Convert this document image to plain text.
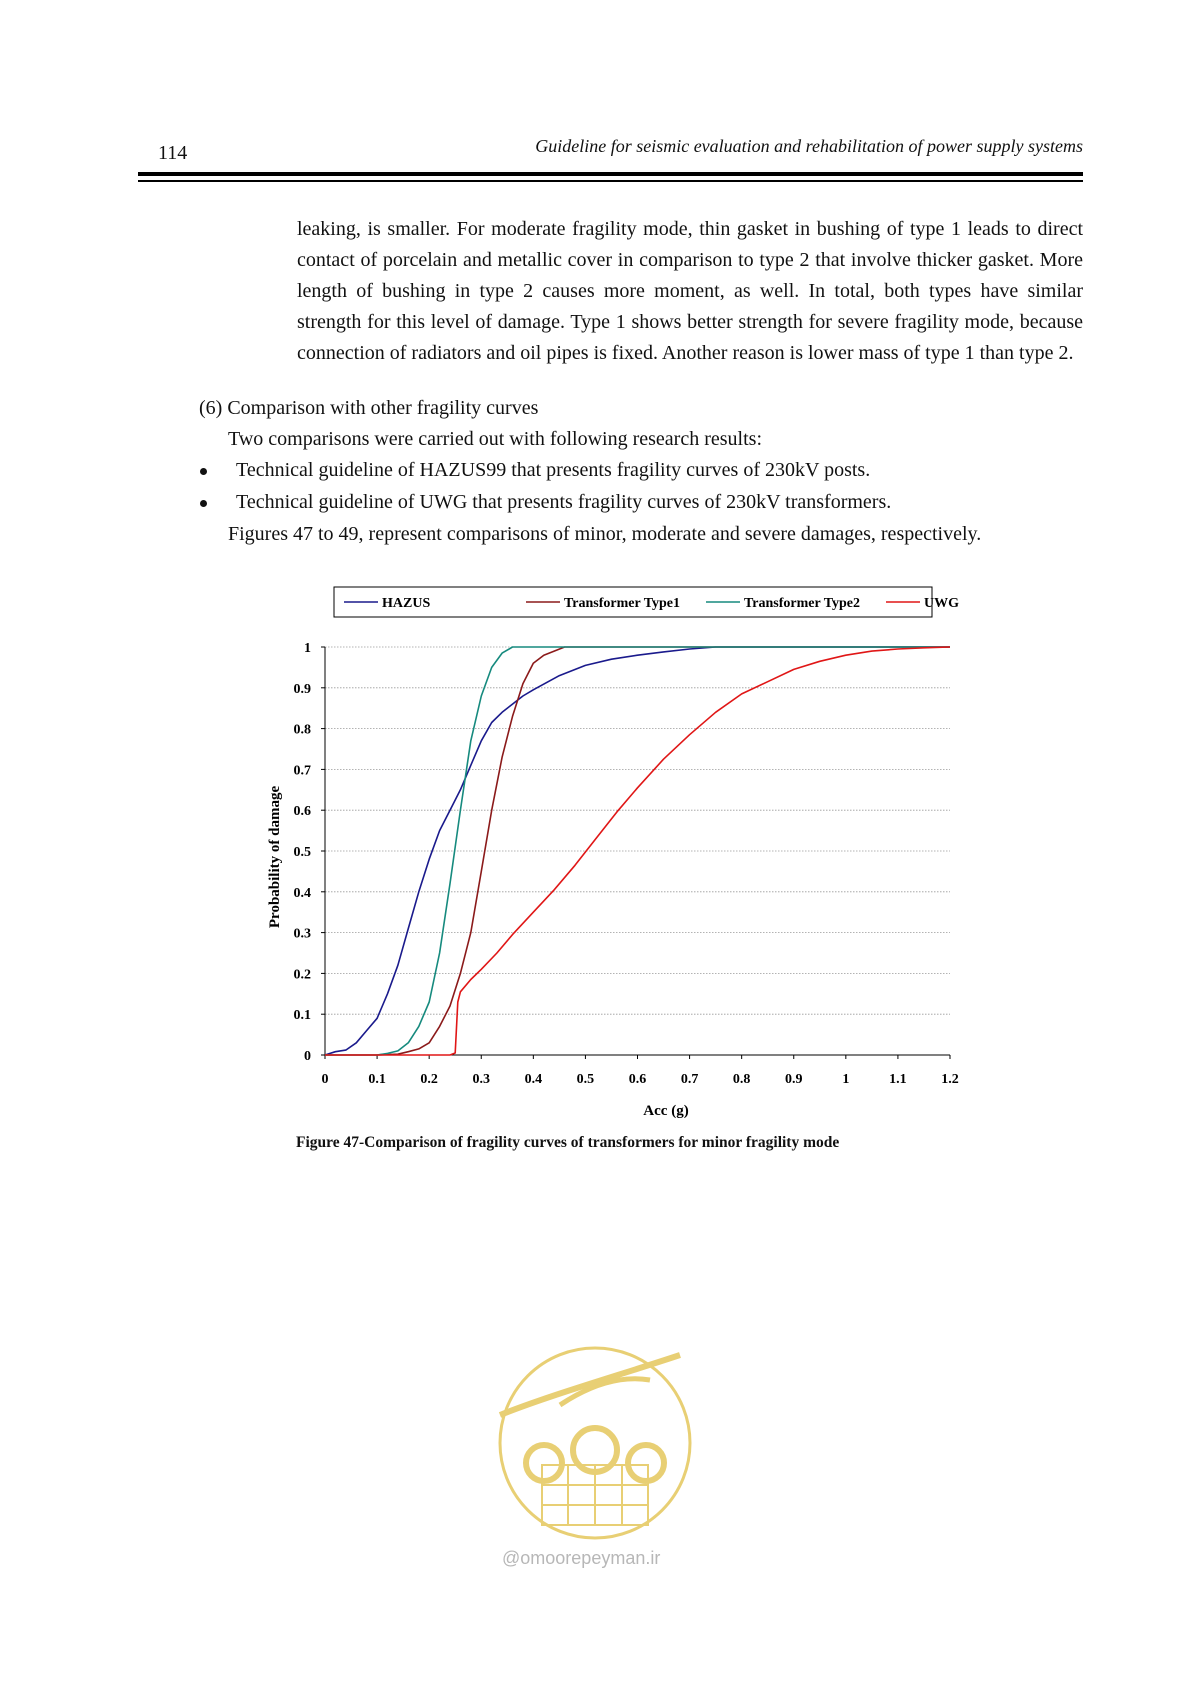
114	Guideline for seismic evaluation and rehabilitation of power supply systems
leaking, is smaller. For moderate fragility mode, thin gasket in bushing of type 1 leads to direct contact of porcelain and metallic cover in comparison to type 2 that involve thicker gasket. More length of bushing in type 2 causes more moment, as well. In total, both types have similar strength for this level of damage. Type 1 shows better strength for severe fragility mode, because connection of radiators and oil pipes is fixed. Another reason is lower mass of type 1 than type 2.
(6) Comparison with other fragility curves
Two comparisons were carried out with following research results:
Technical guideline of HAZUS99 that presents fragility curves of 230kV posts.
Technical guideline of UWG that presents fragility curves of 230kV transformers.
Figures 47 to 49, represent comparisons of minor, moderate and severe damages, respectively.
HAZUS	Transformer Type1	Transformer Type2	UWG
0
0.1
0.2
0.3
0.4
0.5
0.6
0.7
0.8
0.9
1
0	0.1 0.2 0.3 0.4 0.5 0.6 0.7 0.8 0.9	1	1.1 1.2
Acc (g)
Probability of damage
Figure 47-Comparison of fragility curves of transformers for minor fragility mode
@omoorepeyman.ir
